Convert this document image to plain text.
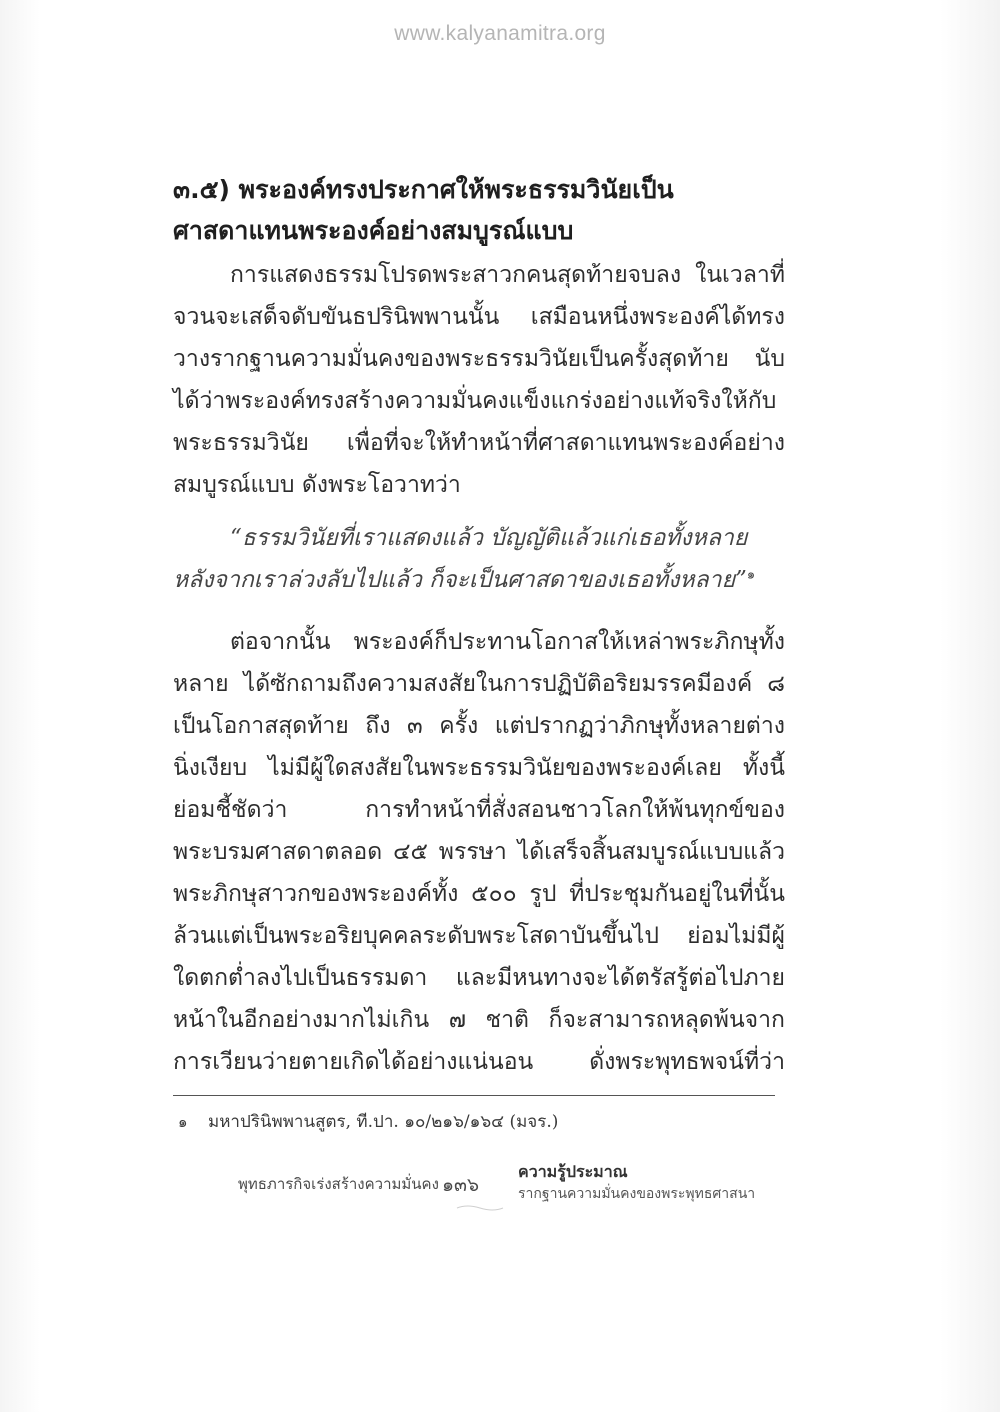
www.kalyanamitra.org
๓.๕) พระองค์ทรงประกาศให้พระธรรมวินัยเป็น
ศาสดาแทนพระองค์อย่างสมบูรณ์แบบ
การแสดงธรรมโปรดพระสาวกคนสุดท้ายจบลง ในเวลาที่
จวนจะเสด็จดับขันธปรินิพพานนั้น เสมือนหนึ่งพระองค์ได้ทรง
วางรากฐานความมั่นคงของพระธรรมวินัยเป็นครั้งสุดท้าย นับ
ได้ว่าพระองค์ทรงสร้างความมั่นคงแข็งแกร่งอย่างแท้จริงให้กับ
พระธรรมวินัย เพื่อที่จะให้ทำหน้าที่ศาสดาแทนพระองค์อย่าง
สมบูรณ์แบบ ดังพระโอวาทว่า
“ธรรมวินัยที่เราแสดงแล้ว บัญญัติแล้วแก่เธอทั้งหลาย
หลังจากเราล่วงลับไปแล้ว ก็จะเป็นศาสดาของเธอทั้งหลาย”$^๑$
ต่อจากนั้น พระองค์ก็ประทานโอกาสให้เหล่าพระภิกษุทั้ง
หลาย ได้ซักถามถึงความสงสัยในการปฏิบัติอริยมรรคมีองค์ ๘
เป็นโอกาสสุดท้าย ถึง ๓ ครั้ง แต่ปรากฏว่าภิกษุทั้งหลายต่าง
นิ่งเงียบ ไม่มีผู้ใดสงสัยในพระธรรมวินัยของพระองค์เลย ทั้งนี้
ย่อมชี้ชัดว่า การทำหน้าที่สั่งสอนชาวโลกให้พ้นทุกข์ของ
พระบรมศาสดาตลอด ๔๕ พรรษา ได้เสร็จสิ้นสมบูรณ์แบบแล้ว
พระภิกษุสาวกของพระองค์ทั้ง ๕๐๐ รูป ที่ประชุมกันอยู่ในที่นั้น
ล้วนแต่เป็นพระอริยบุคคลระดับพระโสดาบันขึ้นไป ย่อมไม่มีผู้
ใดตกต่ำลงไปเป็นธรรมดา และมีหนทางจะได้ตรัสรู้ต่อไปภาย
หน้าในอีกอย่างมากไม่เกิน ๗ ชาติ ก็จะสามารถหลุดพ้นจาก
การเวียนว่ายตายเกิดได้อย่างแน่นอน ดั่งพระพุทธพจน์ที่ว่า
๑ มหาปรินิพพานสูตร, ที.ปา. ๑๐/๒๑๖/๑๖๔ (มจร.)
พุทธภารกิจเร่งสร้างความมั่นคง ๑๓๖
ความรู้ประมาณ
รากฐานความมั่นคงของพระพุทธศาสนา
